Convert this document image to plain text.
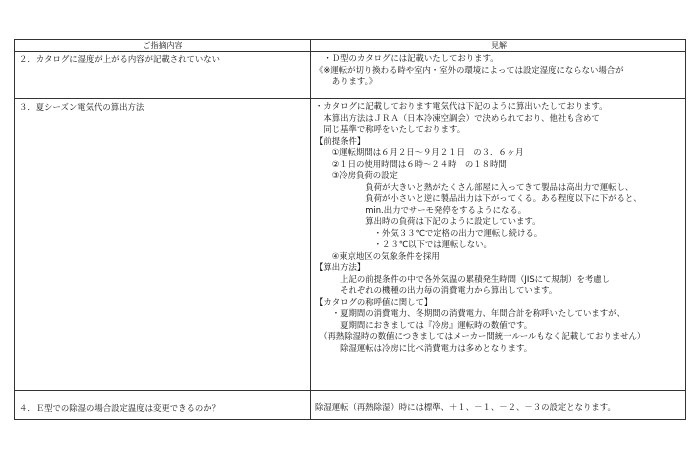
ご指摘内容	見解
２．カタログに湿度が上がる内容が記載されていない	　・Ｄ型のカタログには記載いたしております。
《※運転が切り換わる時や室内・室外の環境によっては設定湿度にならない場合が
　　あります。》
３．夏シーズン電気代の算出方法	・カタログに記載しております電気代は下記のように算出いたしております。
　本算出方法はＪＲＡ（日本冷凍空調会）で決められており、他社も含めて
　同じ基準で称呼をいたしております。
【前提条件】
　　①運転期間は６月２日〜９月２１日　の３．６ヶ月
　　②１日の使用時間は６時〜２４時　の１８時間
　　③冷房負荷の設定
　　　　　　負荷が大きいと熱がたくさん部屋に入ってきて製品は高出力で運転し、
　　　　　　負荷が小さいと逆に製品出力は下がってくる。ある程度以下に下がると、
　　　　　　min.出力でサーモ発停をするようになる。
　　　　　　算出時の負荷は下記のように設定しています。
　　　　　　　・外気３３℃で定格の出力で運転し続ける。
　　　　　　　・２３℃以下では運転しない。
　　④東京地区の気象条件を採用
【算出方法】
　　　上記の前提条件の中で各外気温の累積発生時間（JISにて規制）を考慮し
　　　それぞれの機種の出力毎の消費電力から算出しています。
【カタログの称呼値に関して】
　　・夏期間の消費電力、冬期間の消費電力、年間合計を称呼いたしていますが、
　　　夏期間におきましては『冷房』運転時の数値です。
　（再熱除湿時の数値につきましてはメーカー間統一ルールもなく記載しておりません）
　　　除湿運転は冷房に比べ消費電力は多めとなります。
４．Ｅ型での除湿の場合設定温度は変更できるのか？	除湿運転（再熱除湿）時には標準、＋１、－１、－２、－３の設定となります。
